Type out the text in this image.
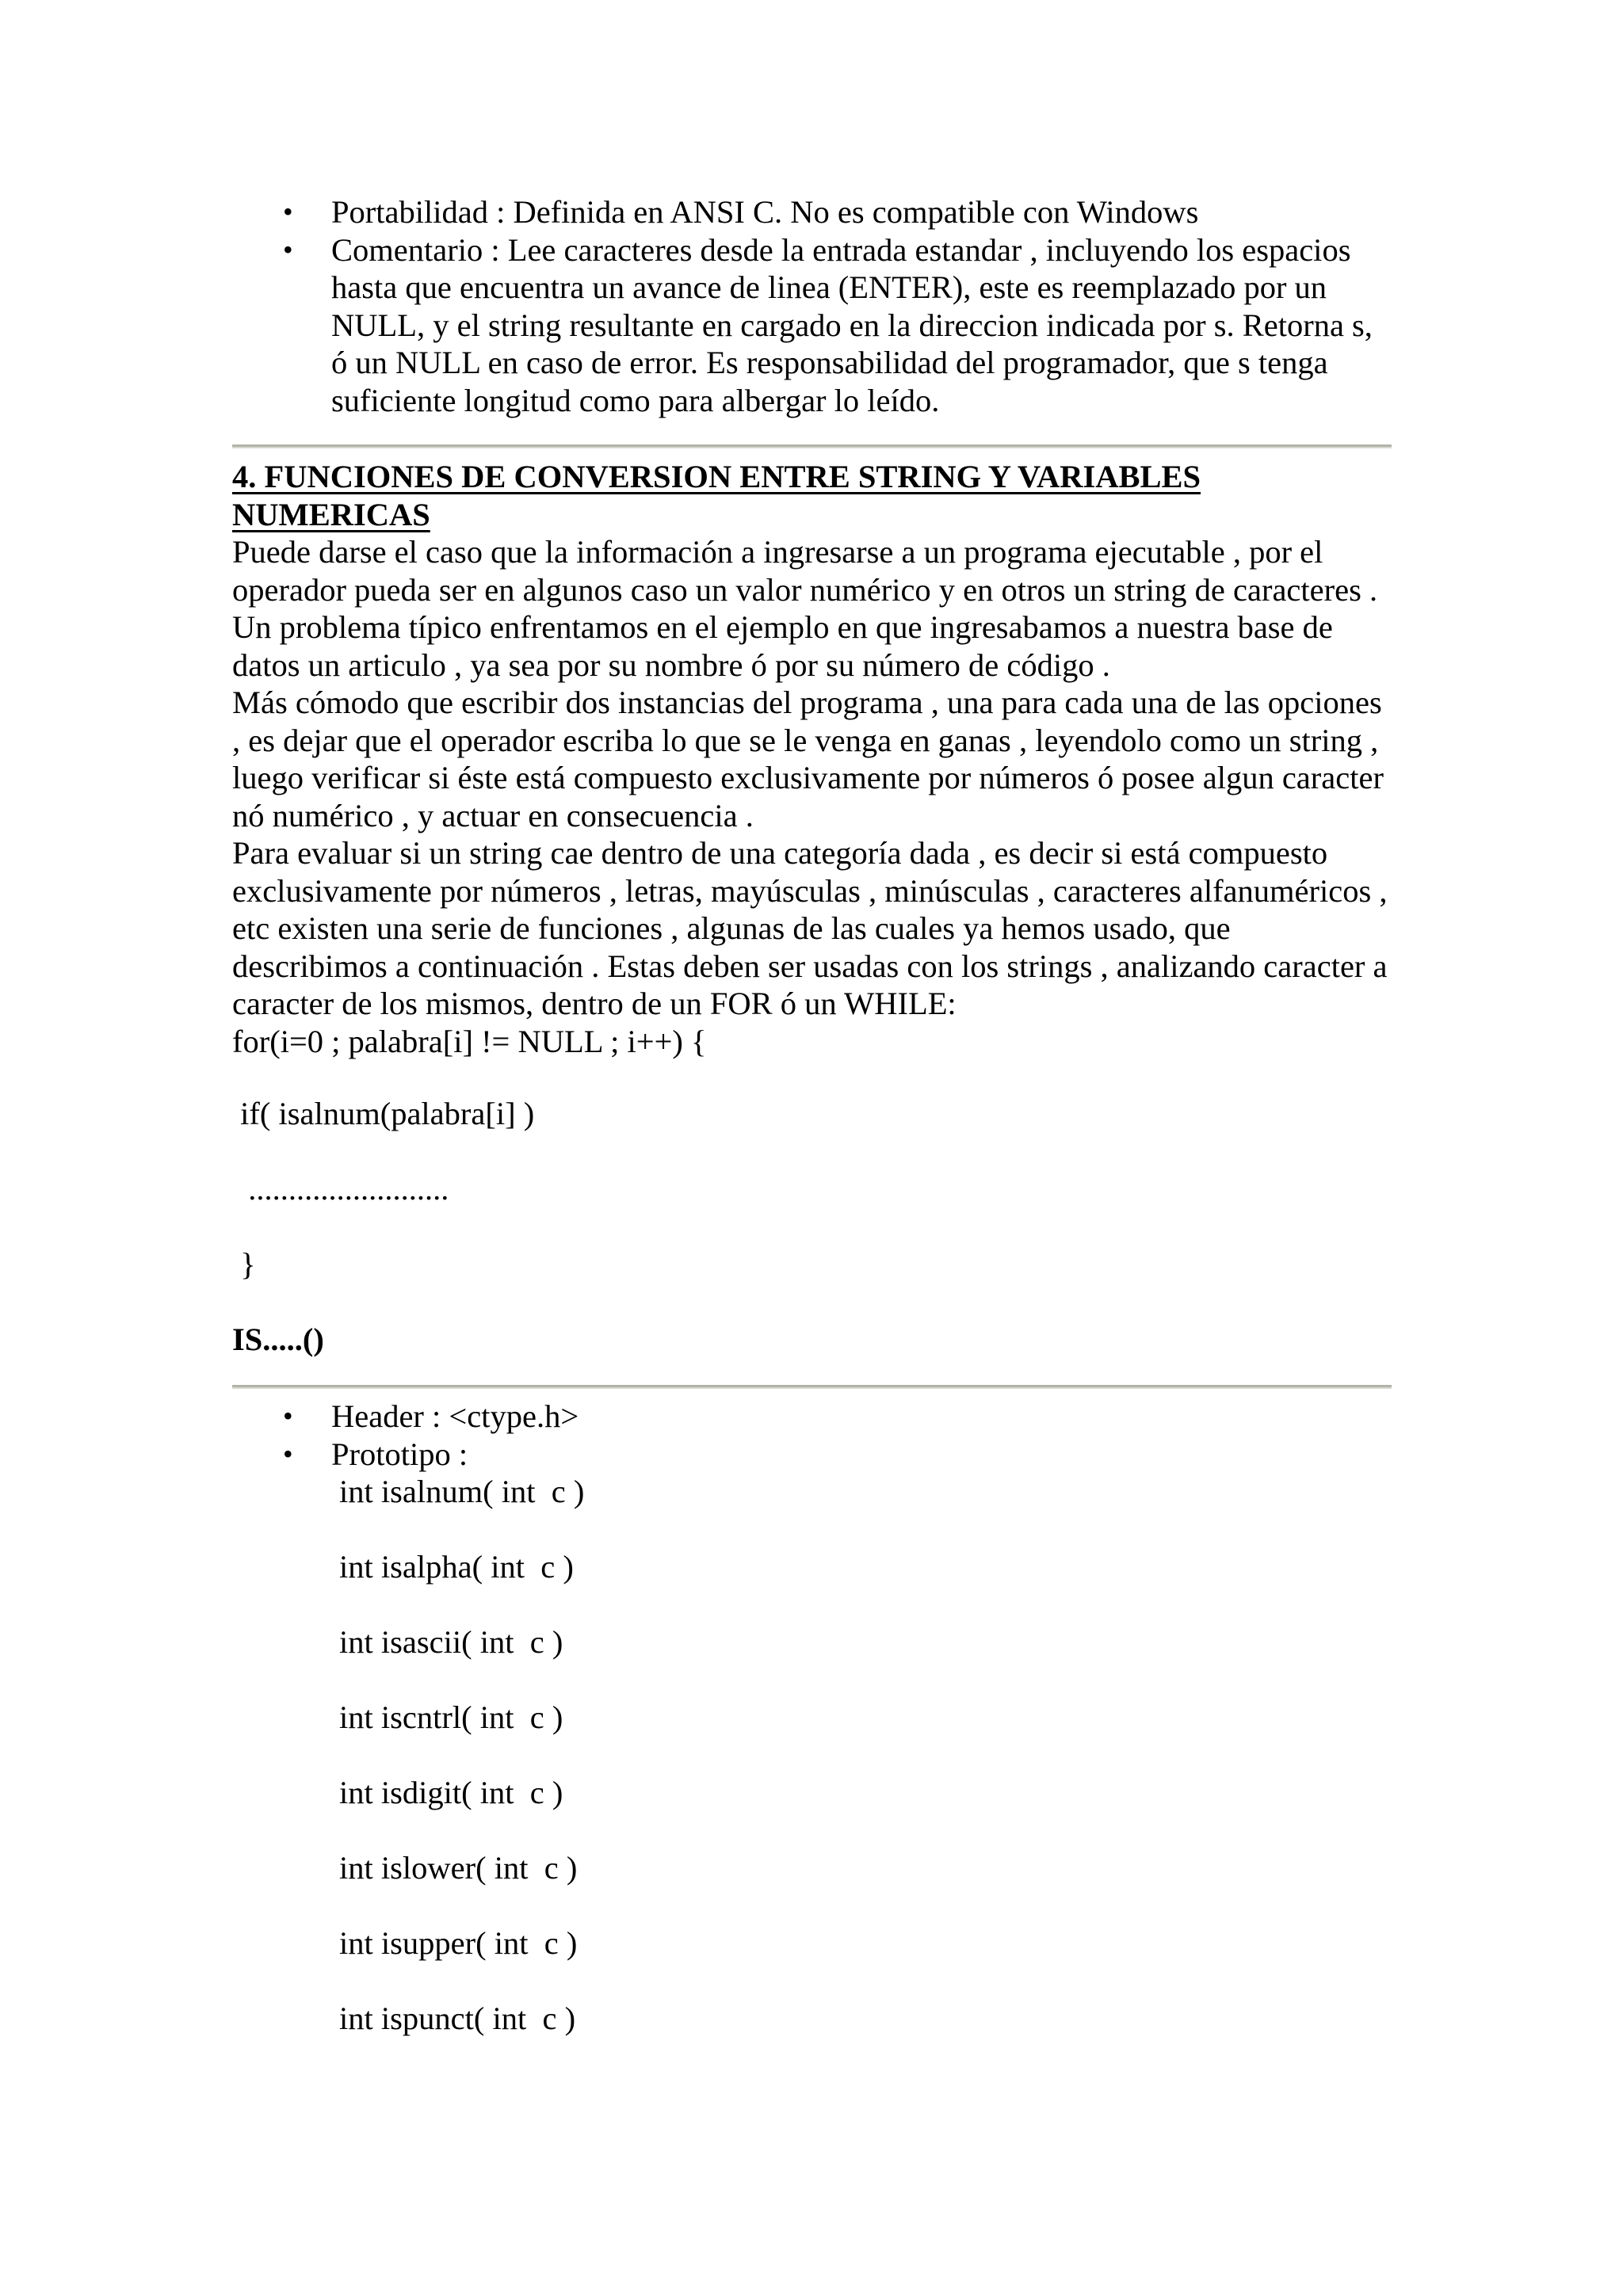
• Portabilidad : Definida en ANSI C. No es compatible con Windows
• Comentario : Lee caracteres desde la entrada estandar , incluyendo los espacios hasta que encuentra un avance de linea (ENTER), este es reemplazado por un NULL, y el string resultante en cargado en la direccion indicada por s. Retorna s, ó un NULL en caso de error. Es responsabilidad del programador, que s tenga suficiente longitud como para albergar lo leído.
4. FUNCIONES DE CONVERSION ENTRE STRING Y VARIABLES NUMERICAS

Puede darse el caso que la información a ingresarse a un programa ejecutable , por el operador pueda ser en algunos caso un valor numérico y en otros un string de caracteres . Un problema típico enfrentamos en el ejemplo en que ingresabamos a nuestra base de datos un articulo , ya sea por su nombre ó por su número de código .

Más cómodo que escribir dos instancias del programa , una para cada una de las opciones , es dejar que el operador escriba lo que se le venga en ganas , leyendolo como un string , luego verificar si éste está compuesto exclusivamente por números ó posee algun caracter nó numérico , y actuar en consecuencia .

Para evaluar si un string cae dentro de una categoría dada , es decir si está compuesto exclusivamente por números , letras, mayúsculas , minúsculas , caracteres alfanuméricos , etc existen una serie de funciones , algunas de las cuales ya hemos usado, que describimos a continuación . Estas deben ser usadas con los strings , analizando caracter a caracter de los mismos, dentro de un FOR ó un WHILE:

for(i=0 ; palabra[i] != NULL ; i++) {

if( isalnum(palabra[i] )

.........................

}

IS.....()

• Header : <ctype.h>
• Prototipo :

int isalnum( int  c )

int isalpha( int  c )

int isascii( int  c )

int iscntrl( int  c )

int isdigit( int  c )

int islower( int  c )

int isupper( int  c )

int ispunct( int  c )
